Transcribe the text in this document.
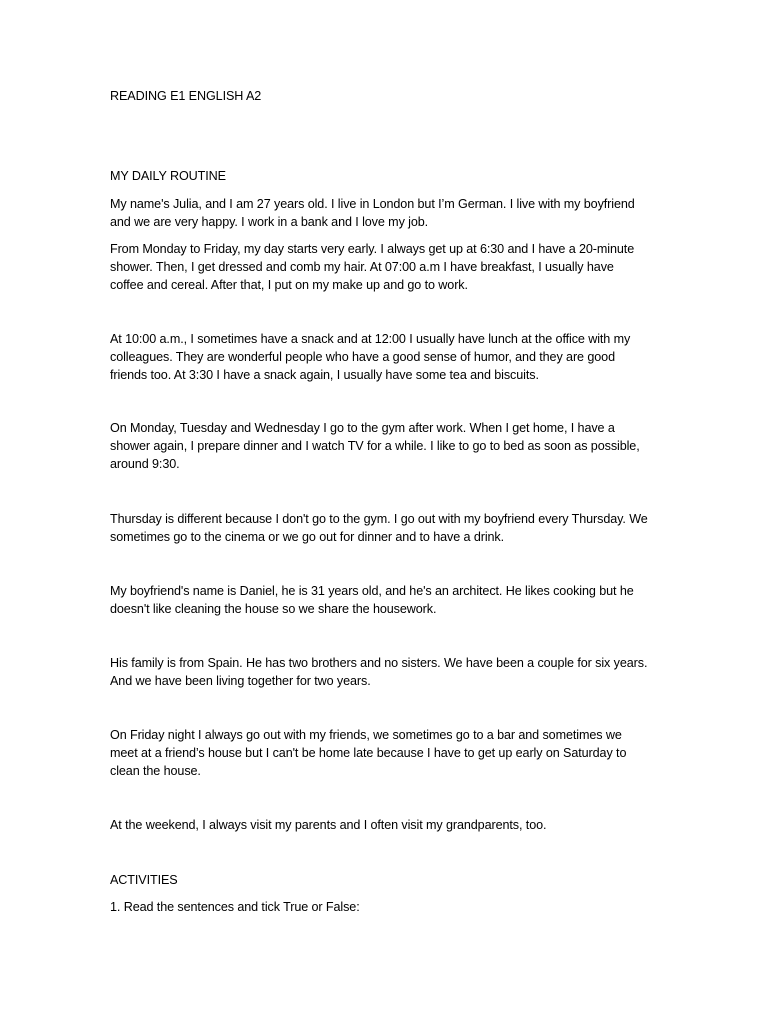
READING E1 ENGLISH A2

MY DAILY ROUTINE

My name's Julia, and I am 27 years old. I live in London but I’m German. I live with my boyfriend and we are very happy. I work in a bank and I love my job.

From Monday to Friday, my day starts very early. I always get up at 6:30 and I have a 20-minute shower. Then, I get dressed and comb my hair. At 07:00 a.m I have breakfast, I usually have coffee and cereal. After that, I put on my make up and go to work.

At 10:00 a.m., I sometimes have a snack and at 12:00 I usually have lunch at the office with my colleagues. They are wonderful people who have a good sense of humor, and they are good friends too. At 3:30 I have a snack again, I usually have some tea and biscuits.

On Monday, Tuesday and Wednesday I go to the gym after work. When I get home, I have a shower again, I prepare dinner and I watch TV for a while. I like to go to bed as soon as possible, around 9:30.

Thursday is different because I don't go to the gym. I go out with my boyfriend every Thursday. We sometimes go to the cinema or we go out for dinner and to have a drink.

My boyfriend's name is Daniel, he is 31 years old, and he's an architect. He likes cooking but he doesn't like cleaning the house so we share the housework.

His family is from Spain. He has two brothers and no sisters. We have been a couple for six years. And we have been living together for two years.

On Friday night I always go out with my friends, we sometimes go to a bar and sometimes we meet at a friend’s house but I can't be home late because I have to get up early on Saturday to clean the house.

At the weekend, I always visit my parents and I often visit my grandparents, too.

ACTIVITIES

1. Read the sentences and tick True or False:
